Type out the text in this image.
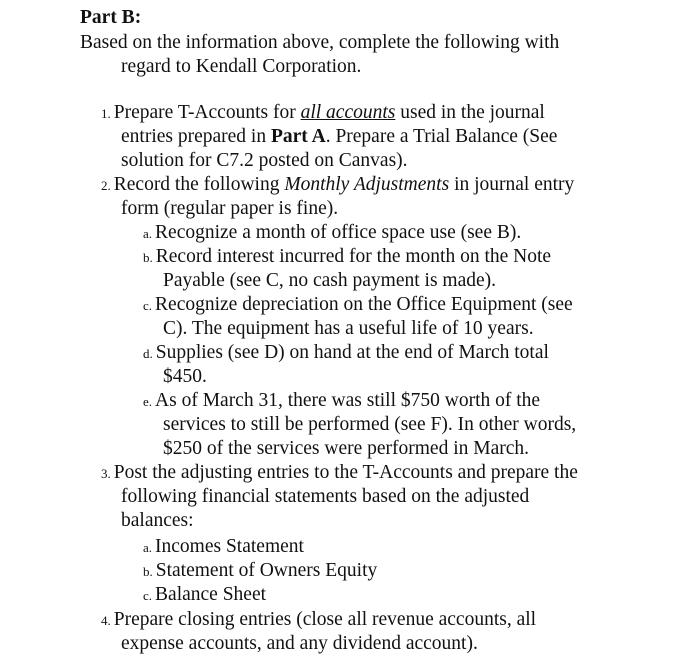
Part B:
Based on the information above, complete the following with
regard to Kendall Corporation.
1. Prepare T-Accounts for all accounts used in the journal
entries prepared in Part A. Prepare a Trial Balance (See
solution for C7.2 posted on Canvas).
2. Record the following Monthly Adjustments in journal entry
form (regular paper is fine).
a. Recognize a month of office space use (see B).
b. Record interest incurred for the month on the Note
Payable (see C, no cash payment is made).
c. Recognize depreciation on the Office Equipment (see
C). The equipment has a useful life of 10 years.
d. Supplies (see D) on hand at the end of March total
$450.
e. As of March 31, there was still $750 worth of the
services to still be performed (see F). In other words,
$250 of the services were performed in March.
3. Post the adjusting entries to the T-Accounts and prepare the
following financial statements based on the adjusted
balances:
a. Incomes Statement
b. Statement of Owners Equity
c. Balance Sheet
4. Prepare closing entries (close all revenue accounts, all
expense accounts, and any dividend account).
